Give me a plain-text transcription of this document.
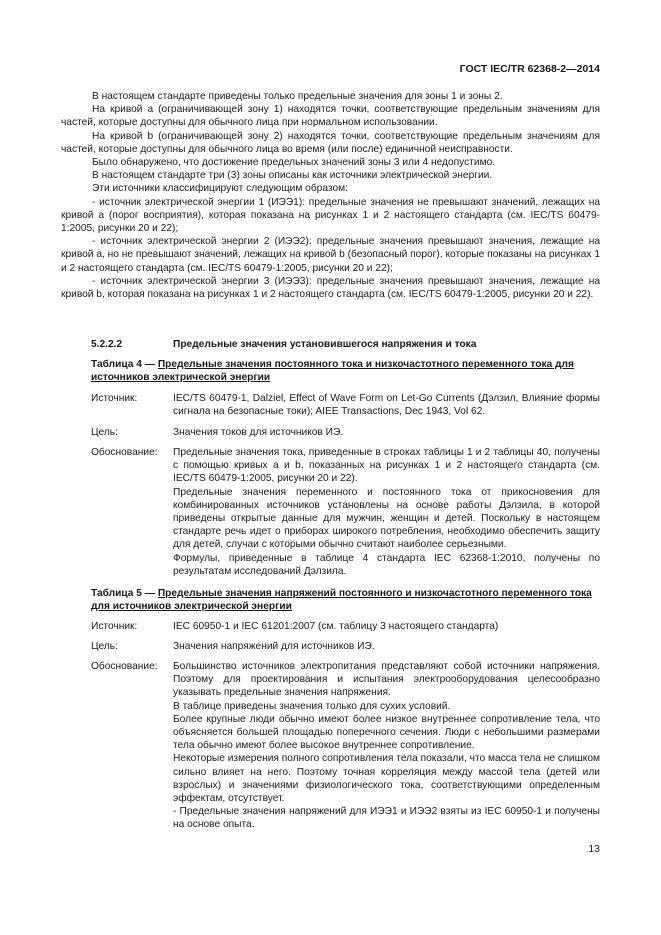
ГОСТ IEC/TR 62368-2—2014

В настоящем стандарте приведены только предельные значения для зоны 1 и зоны 2.

На кривой a (ограничивающей зону 1) находятся точки, соответствующие предельным значениям для частей, которые доступны для обычного лица при нормальном использовании.

На кривой b (ограничивающей зону 2) находятся точки, соответствующие предельным значениям для частей, которые доступны для обычного лица во время (или после) единичной неисправности.

Было обнаружено, что достижение предельных значений зоны 3 или 4 недопустимо.

В настоящем стандарте три (3) зоны описаны как источники электрической энергии.

Эти источники классифицируют следующим образом:

- источник электрической энергии 1 (ИЭЭ1): предельные значения не превышают значений, лежащих на кривой a (порог восприятия), которая показана на рисунках 1 и 2 настоящего стандарта (см. IEC/TS 60479-1:2005, рисунки 20 и 22);

- источник электрической энергии 2 (ИЭЭ2): предельные значения превышают значения, лежащие на кривой a, но не превышают значений, лежащих на кривой b (безопасный порог), которые показаны на рисунках 1 и 2 настоящего стандарта (см. IEC/TS 60479-1:2005, рисунки 20 и 22);

- источник электрической энергии 3 (ИЭЭ3): предельные значения превышают значения, лежащие на кривой b, которая показана на рисунках 1 и 2 настоящего стандарта (см. IEC/TS 60479-1:2005, рисунки 20 и 22).

5.2.2.2	Предельные значения установившегося напряжения и тока

Таблица 4 — Предельные значения постоянного тока и низкочастотного переменного тока для источников электрической энергии

Источник:	IEC/TS 60479-1, Dalziel, Effect of Wave Form on Let-Go Currents (Дэлзил, Влияние формы сигнала на безопасные токи); AIEE Transactions, Dec 1943, Vol 62.
Цель:	Значения токов для источников ИЭ.
Обоснование:	Предельные значения тока, приведенные в строках таблицы 1 и 2 таблицы 40, получены с помощью кривых a и b, показанных на рисунках 1 и 2 настоящего стандарта (см. IEC/TS 60479-1:2005, рисунки 20 и 22).

Предельные значения переменного и постоянного тока от прикосновения для комбинированных источников установлены на основе работы Дэлзила, в которой приведены открытые данные для мужчин, женщин и детей. Поскольку в настоящем стандарте речь идет о приборах широкого потребления, необходимо обеспечить защиту для детей, случаи с которыми обычно считают наиболее серьезными.

Формулы, приведенные в таблице 4 стандарта IEC 62368-1:2010, получены по результатам исследований Дэлзила.

Таблица 5 — Предельные значения напряжений постоянного и низкочастотного переменного тока для источников электрической энергии

Источник:	IEC 60950-1 и IEC 61201:2007 (см. таблицу 3 настоящего стандарта)
Цель:	Значения напряжений для источников ИЭ.
Обоснование:	Большинство источников электропитания представляют собой источники напряжения. Поэтому для проектирования и испытания электрооборудования целесообразно указывать предельные значения напряжения.

В таблице приведены значения только для сухих условий.

Более крупные люди обычно имеют более низкое внутреннее сопротивление тела, что объясняется большей площадью поперечного сечения. Люди с небольшими размерами тела обычно имеют более высокое внутреннее сопротивление.

Некоторые измерения полного сопротивления тела показали, что масса тела не слишком сильно влияет на него. Поэтому точная корреляция между массой тела (детей или взрослых) и значениями физиологического тока, соответствующими определенным эффектам, отсутствует.

- Предельные значения напряжений для ИЭЭ1 и ИЭЭ2 взяты из IEC 60950-1 и получены на основе опыта.

13
